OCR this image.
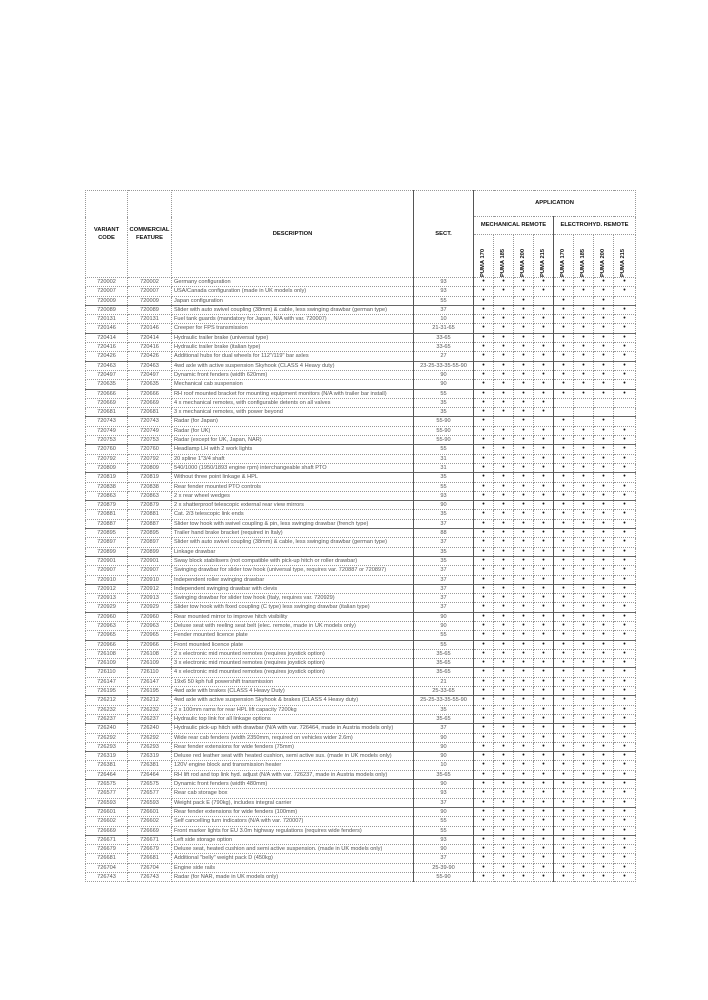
VARIANT CODE	COMMERCIAL FEATURE	DESCRIPTION	SECT.	APPLICATION							
				MECHANICAL REMOTE				ELECTROHYD. REMOTE			

				PUMA 170	PUMA 185	PUMA 200	PUMA 215	PUMA 170	PUMA 185	PUMA 200	PUMA 215

720002	720002	Germany configuration	93	•	•	•	•	•	•	•	•
720007	720007	USA/Canada configuration (made in UK models only)	93	•	•	•	•	•	•	•	•
720009	720009	Japan configuration	55	•		•		•		•	
720089	720089	Slider with auto swivel coupling (38mm) & cable, less swinging drawbar (german type)	37	•	•	•	•	•	•	•	•
720131	720131	Fuel tank guards (mandatory for Japan, N/A with var. 720007)	10	•	•	•	•	•	•	•	•
720146	720146	Creeper for FPS transmission	21-31-65	•	•	•	•	•	•	•	•
720414	720414	Hydraulic trailer brake (universal type)	33-65	•	•	•	•	•	•	•	•
720416	720416	Hydraulic trailer brake (italian type)	33-65	•	•	•	•	•	•	•	•
720426	720426	Additional hubs for dual wheels for 112"/119" bar axles	27	•	•	•	•	•	•	•	•
720463	720463	4wd axle with active suspension Skyhook (CLASS 4 Heavy duty)	23-25-33-35-55-90	•	•	•	•	•	•	•	•
720497	720497	Dynamic front fenders (width 620mm)	90	•	•	•	•	•	•	•	•
720635	720635	Mechanical cab suspension	90	•	•	•	•	•	•	•	•
720666	720666	RH roof mounted bracket for mounting equipment monitors (N/A with trailer bar install)	55	•	•	•	•	•	•	•	•
720669	720669	4 x mechanical remotes, with configurable detents on all valves	35	•	•	•	•				
720681	720681	3 x mechanical remotes, with power beyond	35	•	•	•	•				
720743	720743	Radar (for Japan)	55-90	•		•		•		•	
720749	720749	Radar (for UK)	55-90	•	•	•	•	•	•	•	•
720753	720753	Radar (except for UK, Japan, NAR)	55-90	•	•	•	•	•	•	•	•
720760	720760	Headlamp LH with 2 work lights	55	•	•	•	•	•	•	•	•
720792	720792	20 spline 1"3/4 shaft	31	•	•	•	•	•	•	•	•
720809	720809	540/1000 (1950/1893 engine rpm) interchangeable shaft PTO	31	•	•	•	•	•	•	•	•
720819	720819	Without three point linkage & HPL	35	•	•	•	•	•	•	•	•
720838	720838	Rear fender mounted PTO controls	55	•	•	•	•	•	•	•	•
720863	720863	2 x rear wheel wedges	93	•	•	•	•	•	•	•	•
720879	720879	2 x shatterproof telescopic external rear view mirrors	90	•	•	•	•	•	•	•	•
720881	720881	Cat. 2/3 telescopic link ends	35	•	•	•	•	•	•	•	•
720887	720887	Slider tow hook with swivel coupling & pin, less swinging drawbar (french type)	37	•	•	•	•	•	•	•	•
720895	720895	Trailer hand brake bracket (required in Italy)	88	•	•	•	•	•	•	•	•
720897	720897	Slider with auto swivel coupling (38mm) & cable, less swinging drawbar (german type)	37	•	•	•	•	•	•	•	•
720899	720899	Linkage drawbar	35	•	•	•	•	•	•	•	•
720901	720901	Sway block stabilisers (not compatible with pick-up hitch or roller drawbar)	35	•	•	•	•	•	•	•	•
720907	720907	Swinging drawbar for slider tow hook (universal type, requires var. 720887 or 720897)	37	•	•	•	•	•	•	•	•
720910	720910	Independent roller swinging drawbar	37	•	•	•	•	•	•	•	•
720912	720912	Independent swinging drawbar with clevis	37	•	•	•	•	•	•	•	•
720913	720913	Swinging drawbar for slider tow hook (Italy, requires var. 720929)	37	•	•	•	•	•	•	•	•
720929	720929	Slider tow hook with fixed coupling (C type) less swinging drawbar (italian type)	37	•	•	•	•	•	•	•	•
720960	720960	Rear mounted mirror to improve hitch visibility	90	•	•	•	•	•	•	•	•
720963	720963	Deluxe seat with reeling seat belt (elec. remote, made in UK models only)	90	•	•	•	•	•	•	•	•
720965	720965	Fender mounted licence plate	55	•	•	•	•	•	•	•	•
720966	720966	Front mounted licence plate	55	•	•	•	•	•	•	•	•
726108	726108	2 x electronic mid mounted remotes (requires joystick option)	35-65	•	•	•	•	•	•	•	•
726109	726109	3 x electronic mid mounted remotes (requires joystick option)	35-65	•	•	•	•	•	•	•	•
726110	726110	4 x electronic mid mounted remotes (requires joystick option)	35-65	•	•	•	•	•	•	•	•
726147	726147	19x6 50 kph full powershift transmission	21	•	•	•	•	•	•	•	•
726195	726195	4wd axle with brakes (CLASS 4 Heavy Duty)	25-33-65	•	•	•	•	•	•	•	•
726212	726212	4wd axle with active suspension Skyhook & brakes (CLASS 4 Heavy duty)	25-25-33-35-55-90	•	•	•	•	•	•	•	•
726232	726232	2 x 100mm rams for rear HPL lift capacity 7200kg	35	•	•	•	•	•	•	•	•
726237	726237	Hydraulic top link for all linkage options	35-65	•	•	•	•	•	•	•	•
726240	726240	Hydraulic pick-up hitch with drawbar (N/A with var. 726464, made in Austria models only)	37	•	•	•	•	•	•	•	•
726292	726292	Wide rear cab fenders (width 2350mm, required on vehicles wider 2.6m)	90	•	•	•	•	•	•	•	•
726293	726293	Rear fender extensions for wide fenders (75mm)	90	•	•	•	•	•	•	•	•
726319	726319	Deluxe red leather seat with heated cushion, semi active sus. (made in UK models only)	90	•	•	•	•	•	•	•	•
726381	726381	120V engine block and transmission heater	10	•	•	•	•	•	•	•	•
726464	726464	RH lift rod and top link hyd. adjust (N/A with var. 726237, made in Austria models only)	35-65	•	•	•	•	•	•	•	•
726575	726575	Dynamic front fenders (width 480mm)	90	•	•	•	•	•	•	•	•
726577	726577	Rear cab storage box	93	•	•	•	•	•	•	•	•
726593	726593	Weight pack E (790kg), includes integral carrier	37	•	•	•	•	•	•	•	•
726601	726601	Rear fender extensions for wide fenders (100mm)	90	•	•	•	•	•	•	•	•
726602	726602	Self cancelling turn indicators (N/A with var. 720007)	55	•	•	•	•	•	•	•	•
726669	726669	Front marker lights for EU 3.0m highway regulations (requires wide fenders)	55	•	•	•	•	•	•	•	•
726671	726671	Left side storage option	93	•	•	•	•	•	•	•	•
726679	726679	Deluxe seat, heated cushion and semi active suspension. (made in UK models only)	90	•	•	•	•	•	•	•	•
726681	726681	Additional "belly" weight pack D (450kg)	37	•	•	•	•	•	•	•	•
726704	726704	Engine side rails	25-39-90	•	•	•	•	•	•	•	•
726743	726743	Radar (for NAR, made in UK models only)	55-90	•	•	•	•	•	•	•	•
